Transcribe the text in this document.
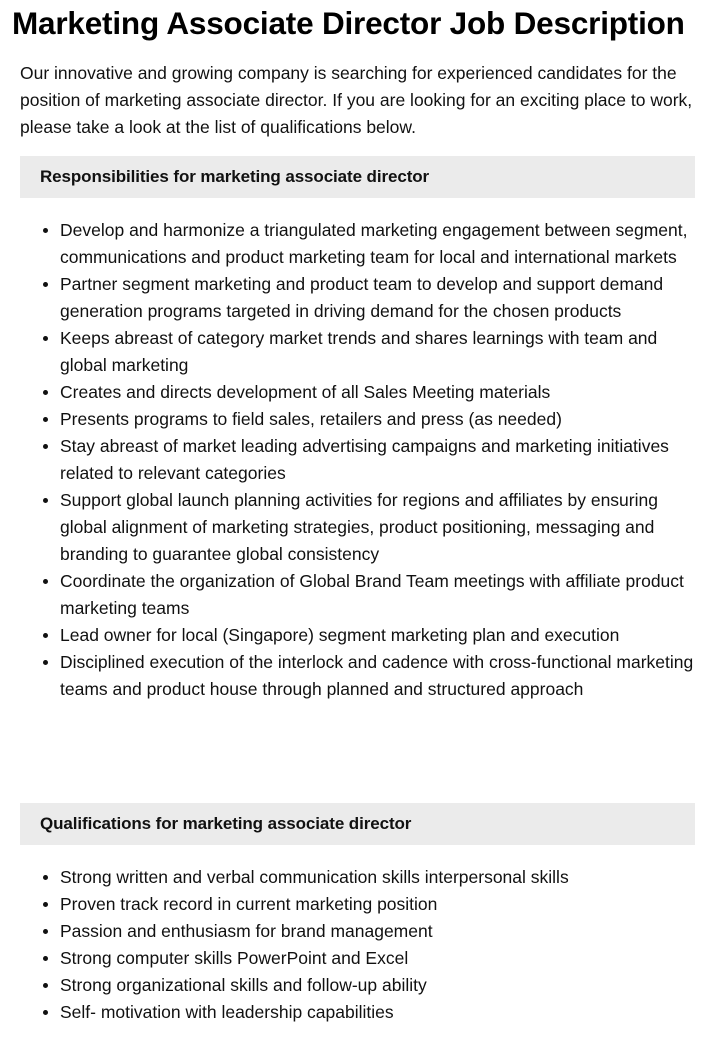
Marketing Associate Director Job Description

Our innovative and growing company is searching for experienced candidates for the position of marketing associate director. If you are looking for an exciting place to work, please take a look at the list of qualifications below.

Responsibilities for marketing associate director
Develop and harmonize a triangulated marketing engagement between segment, communications and product marketing team for local and international markets
Partner segment marketing and product team to develop and support demand generation programs targeted in driving demand for the chosen products
Keeps abreast of category market trends and shares learnings with team and global marketing
Creates and directs development of all Sales Meeting materials
Presents programs to field sales, retailers and press (as needed)
Stay abreast of market leading advertising campaigns and marketing initiatives related to relevant categories
Support global launch planning activities for regions and affiliates by ensuring global alignment of marketing strategies, product positioning, messaging and branding to guarantee global consistency
Coordinate the organization of Global Brand Team meetings with affiliate product marketing teams
Lead owner for local (Singapore) segment marketing plan and execution
Disciplined execution of the interlock and cadence with cross-functional marketing teams and product house through planned and structured approach
Qualifications for marketing associate director
Strong written and verbal communication skills interpersonal skills
Proven track record in current marketing position
Passion and enthusiasm for brand management
Strong computer skills PowerPoint and Excel
Strong organizational skills and follow-up ability
Self- motivation with leadership capabilities
